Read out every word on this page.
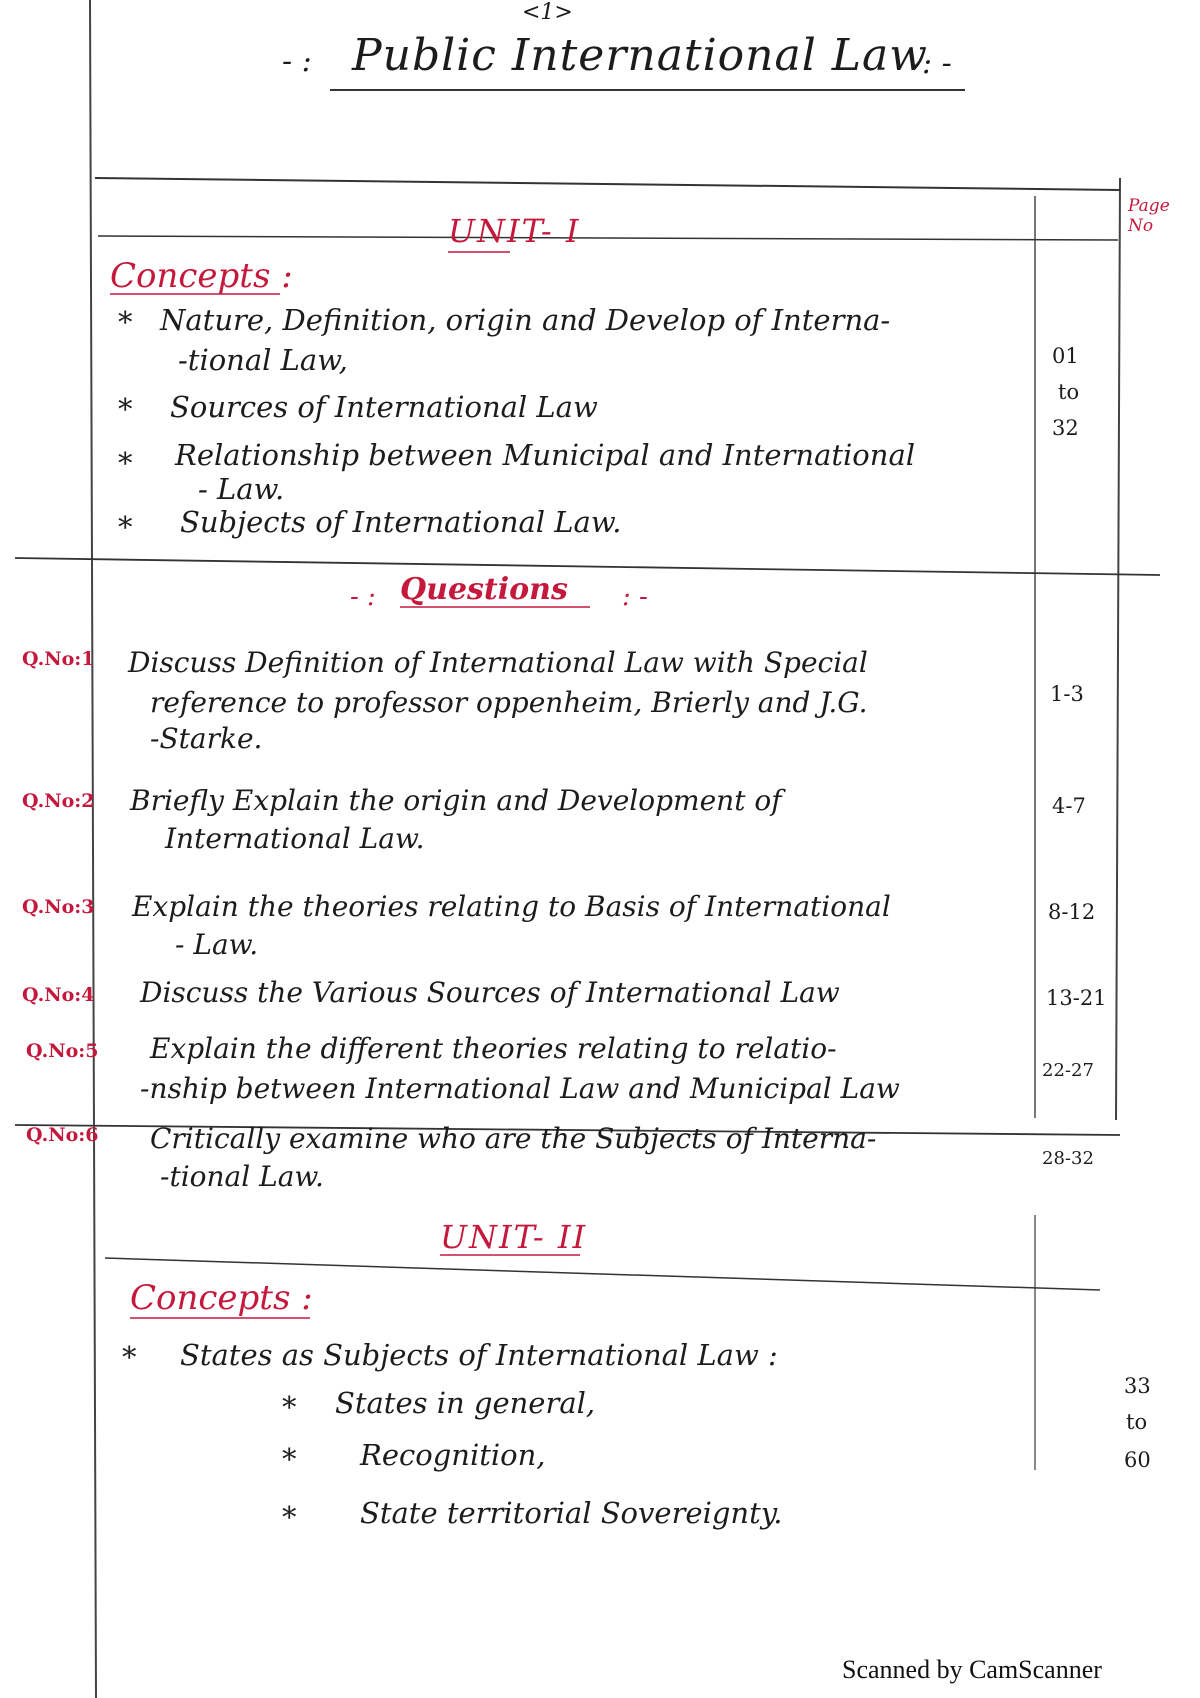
<1>
- : Public International Law
: -
Page No
UNIT- I
Concepts :
* Nature, Definition, origin and Develop of Interna-
-tional Law,
* Sources of International Law
* Relationship between Municipal and International
- Law.
* Subjects of International Law.
01
to
32
- : Questions : -
Q.No:1 Discuss Definition of International Law with Special
reference to professor oppenheim, Brierly and J.G.
-Starke.
1-3
Q.No:2 Briefly Explain the origin and Development of
International Law.
4-7
Q.No:3 Explain the theories relating to Basis of International
- Law.
8-12
Q.No:4 Discuss the Various Sources of International Law	13-21
Q.No:5 Explain the different theories relating to relatio-
-nship between International Law and Municipal Law
22-27
Q.No:6 Critically examine who are the Subjects of Interna-
-tional Law.
28-32
UNIT- II
Concepts :
* States as Subjects of International Law :
* States in general,
* Recognition,
* State territorial Sovereignty.
33
to
60
Scanned by CamScanner
